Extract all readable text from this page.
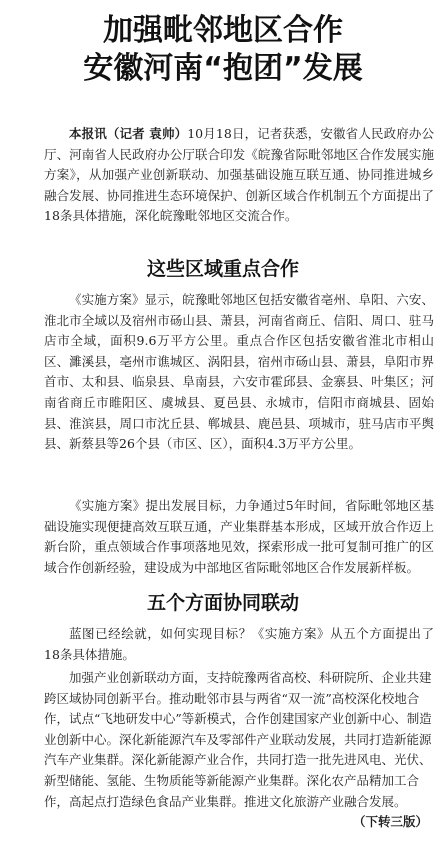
加强毗邻地区合作
安徽河南“抱团”发展

本报讯（记者 袁帅）10月18日，记者获悉，安徽省人民政府办公厅、河南省人民政府办公厅联合印发《皖豫省际毗邻地区合作发展实施方案》，从加强产业创新联动、加强基础设施互联互通、协同推进城乡融合发展、协同推进生态环境保护、创新区域合作机制五个方面提出了18条具体措施，深化皖豫毗邻地区交流合作。

这些区域重点合作

《实施方案》显示，皖豫毗邻地区包括安徽省亳州、阜阳、六安、淮北市全域以及宿州市砀山县、萧县，河南省商丘、信阳、周口、驻马店市全域，面积9.6万平方公里。重点合作区包括安徽省淮北市相山区、濉溪县，亳州市谯城区、涡阳县，宿州市砀山县、萧县，阜阳市界首市、太和县、临泉县、阜南县，六安市霍邱县、金寨县、叶集区；河南省商丘市睢阳区、虞城县、夏邑县、永城市，信阳市商城县、固始县、淮滨县，周口市沈丘县、郸城县、鹿邑县、项城市，驻马店市平舆县、新蔡县等26个县（市区、区），面积4.3万平方公里。

《实施方案》提出发展目标，力争通过5年时间，省际毗邻地区基础设施实现便捷高效互联互通，产业集群基本形成，区域开放合作迈上新台阶，重点领域合作事项落地见效，探索形成一批可复制可推广的区域合作创新经验，建设成为中部地区省际毗邻地区合作发展新样板。

五个方面协同联动

蓝图已经绘就，如何实现目标？《实施方案》从五个方面提出了18条具体措施。

加强产业创新联动方面，支持皖豫两省高校、科研院所、企业共建跨区域协同创新平台。推动毗邻市县与两省“双一流”高校深化校地合作，试点“飞地研发中心”等新模式，合作创建国家产业创新中心、制造业创新中心。深化新能源汽车及零部件产业联动发展，共同打造新能源汽车产业集群。深化新能源产业合作，共同打造一批先进风电、光伏、新型储能、氢能、生物质能等新能源产业集群。深化农产品精加工合作，高起点打造绿色食品产业集群。推进文化旅游产业融合发展。
（下转三版）
